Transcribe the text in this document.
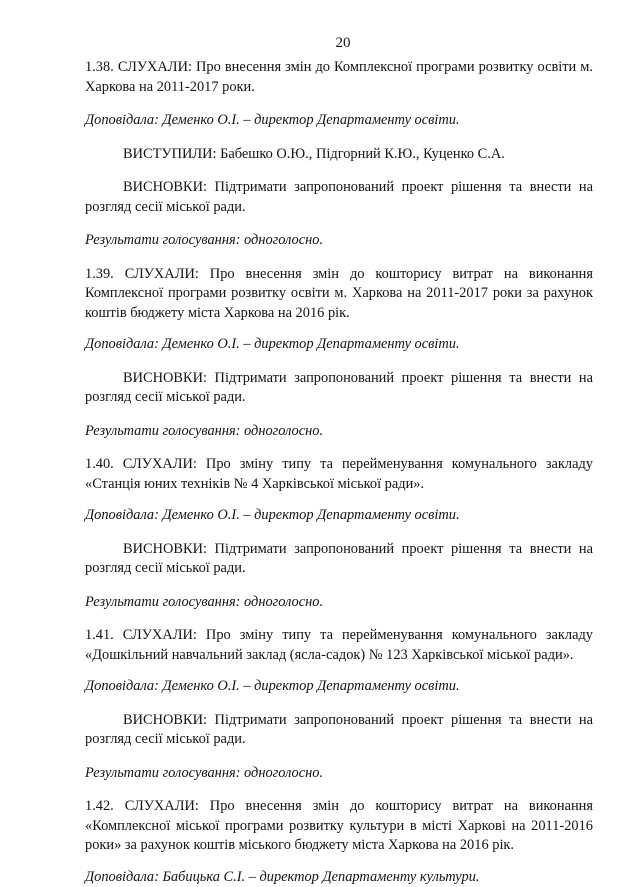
20

1.38. СЛУХАЛИ: Про внесення змін до Комплексної програми розвитку освіти м. Харкова на 2011-2017 роки.

Доповідала: Деменко О.І. – директор Департаменту освіти.

ВИСТУПИЛИ: Бабешко О.Ю., Підгорний К.Ю., Куценко С.А.

ВИСНОВКИ: Підтримати запропонований проект рішення та внести на розгляд сесії міської ради.

Результати голосування: одноголосно.

1.39. СЛУХАЛИ: Про внесення змін до кошторису витрат на виконання Комплексної програми розвитку освіти м. Харкова на 2011-2017 роки за рахунок коштів бюджету міста Харкова на 2016 рік.

Доповідала: Деменко О.І. – директор Департаменту освіти.

ВИСНОВКИ: Підтримати запропонований проект рішення та внести на розгляд сесії міської ради.

Результати голосування: одноголосно.

1.40. СЛУХАЛИ: Про зміну типу та перейменування комунального закладу «Станція юних техніків № 4 Харківської міської ради».

Доповідала: Деменко О.І. – директор Департаменту освіти.

ВИСНОВКИ: Підтримати запропонований проект рішення та внести на розгляд сесії міської ради.

Результати голосування: одноголосно.

1.41. СЛУХАЛИ: Про зміну типу та перейменування комунального закладу «Дошкільний навчальний заклад (ясла-садок) № 123 Харківської міської ради».

Доповідала: Деменко О.І. – директор Департаменту освіти.

ВИСНОВКИ: Підтримати запропонований проект рішення та внести на розгляд сесії міської ради.

Результати голосування: одноголосно.

1.42. СЛУХАЛИ: Про внесення змін до кошторису витрат на виконання «Комплексної міської програми розвитку культури в місті Харкові на 2011-2016 роки» за рахунок коштів міського бюджету міста Харкова на 2016 рік.

Доповідала: Бабицька С.І. – директор Департаменту культури.
